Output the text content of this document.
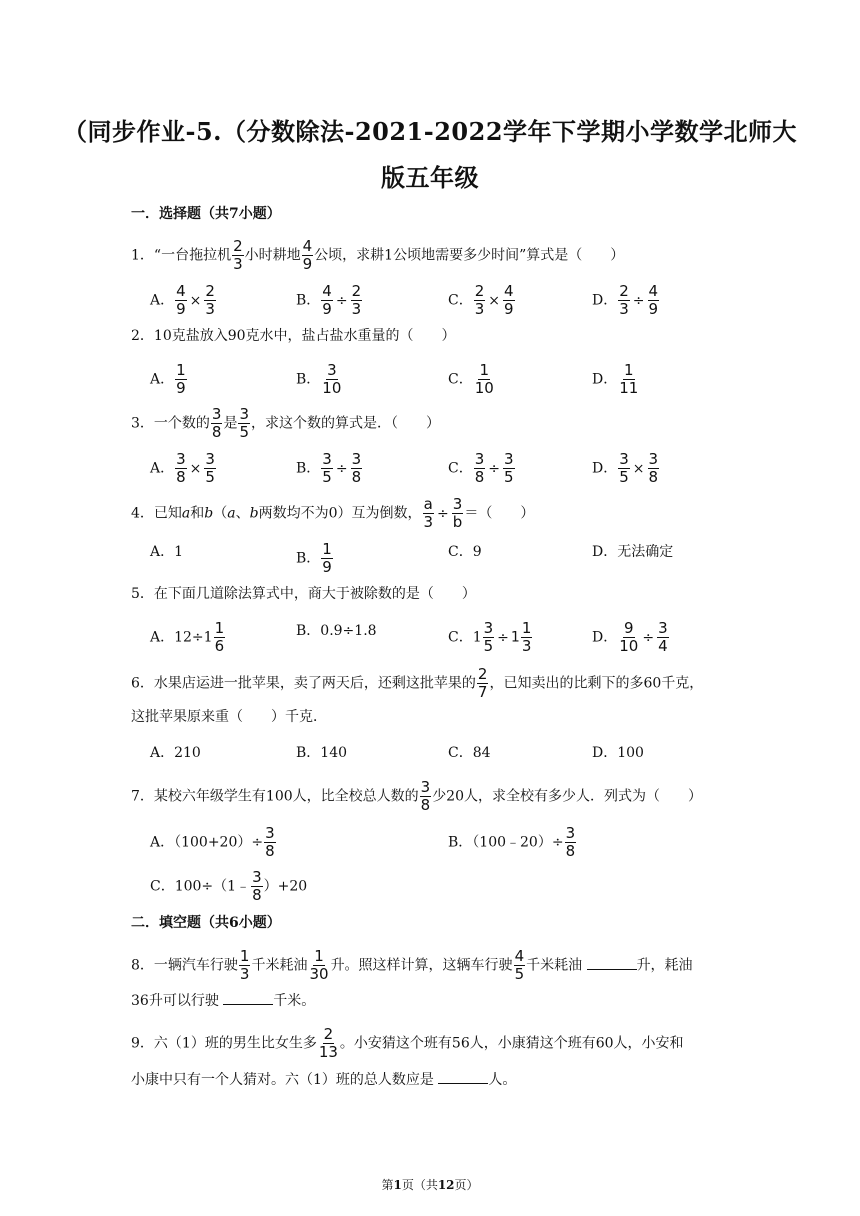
（同步作业-5.（分数除法-2021-2022学年下学期小学数学北师大
版五年级
一．选择题（共7小题）
1．“一台拖拉机 $\frac{2}{3}$ 小时耕地 $\frac{4}{9}$ 公顷，求耕1公顷地需要多少时间”算式是（　　）
A． $\frac{4}{9} \times \frac{2}{3}$	B． $\frac{4}{9} \div \frac{2}{3}$	C． $\frac{2}{3} \times \frac{4}{9}$	D． $\frac{2}{3} \div \frac{4}{9}$
2．10克盐放入90克水中，盐占盐水重量的（　　）
A． $\frac{1}{9}$	B． $\frac{3}{10}$	C． $\frac{1}{10}$	D． $\frac{1}{11}$
3．一个数的 $\frac{3}{8}$ 是 $\frac{3}{5}$ ，求这个数的算式是．（　　）
A． $\frac{3}{8} \times \frac{3}{5}$	B． $\frac{3}{5} \div \frac{3}{8}$	C． $\frac{3}{8} \div \frac{3}{5}$	D． $\frac{3}{5} \times \frac{3}{8}$
4．已知a和b（a、b两数均不为0）互为倒数， $\frac{a}{3} \div \frac{3}{b}$ ＝（　　）
A．1	B． $\frac{1}{9}$	C．9	D．无法确定
5．在下面几道除法算式中，商大于被除数的是（　　）
A．$12\div 1 \frac{1}{6}$	B．0.9÷1.8	C．$1 \frac{3}{5} \div 1 \frac{1}{3}$	D． $\frac{9}{10} \div \frac{3}{4}$
6．水果店运进一批苹果，卖了两天后，还剩这批苹果的 $\frac{2}{7}$ ，已知卖出的比剩下的多60千克，
这批苹果原来重（　　）千克．
A．210	B．140	C．84	D．100
7．某校六年级学生有100人，比全校总人数的 $\frac{3}{8}$ 少20人，求全校有多少人．列式为（　　）
A．$(100+20)\div \frac{3}{8}$	B．（100﹣20）÷ $\frac{3}{8}$
C．100÷（1﹣ $\frac{3}{8} )+20$
二．填空题（共6小题）
8．一辆汽车行驶 $\frac{1}{3}$ 千米耗油 $\frac{1}{30}$ 升。照这样计算，这辆车行驶 $\frac{4}{5}$ 千米耗油	升，耗油
36升可以行驶	千米。
9．六（1）班的男生比女生多 $\frac{2}{13}$ 。小安猜这个班有56人，小康猜这个班有60人，小安和
小康中只有一个人猜对。六（1）班的总人数应是	人。
第1页（共12页）
